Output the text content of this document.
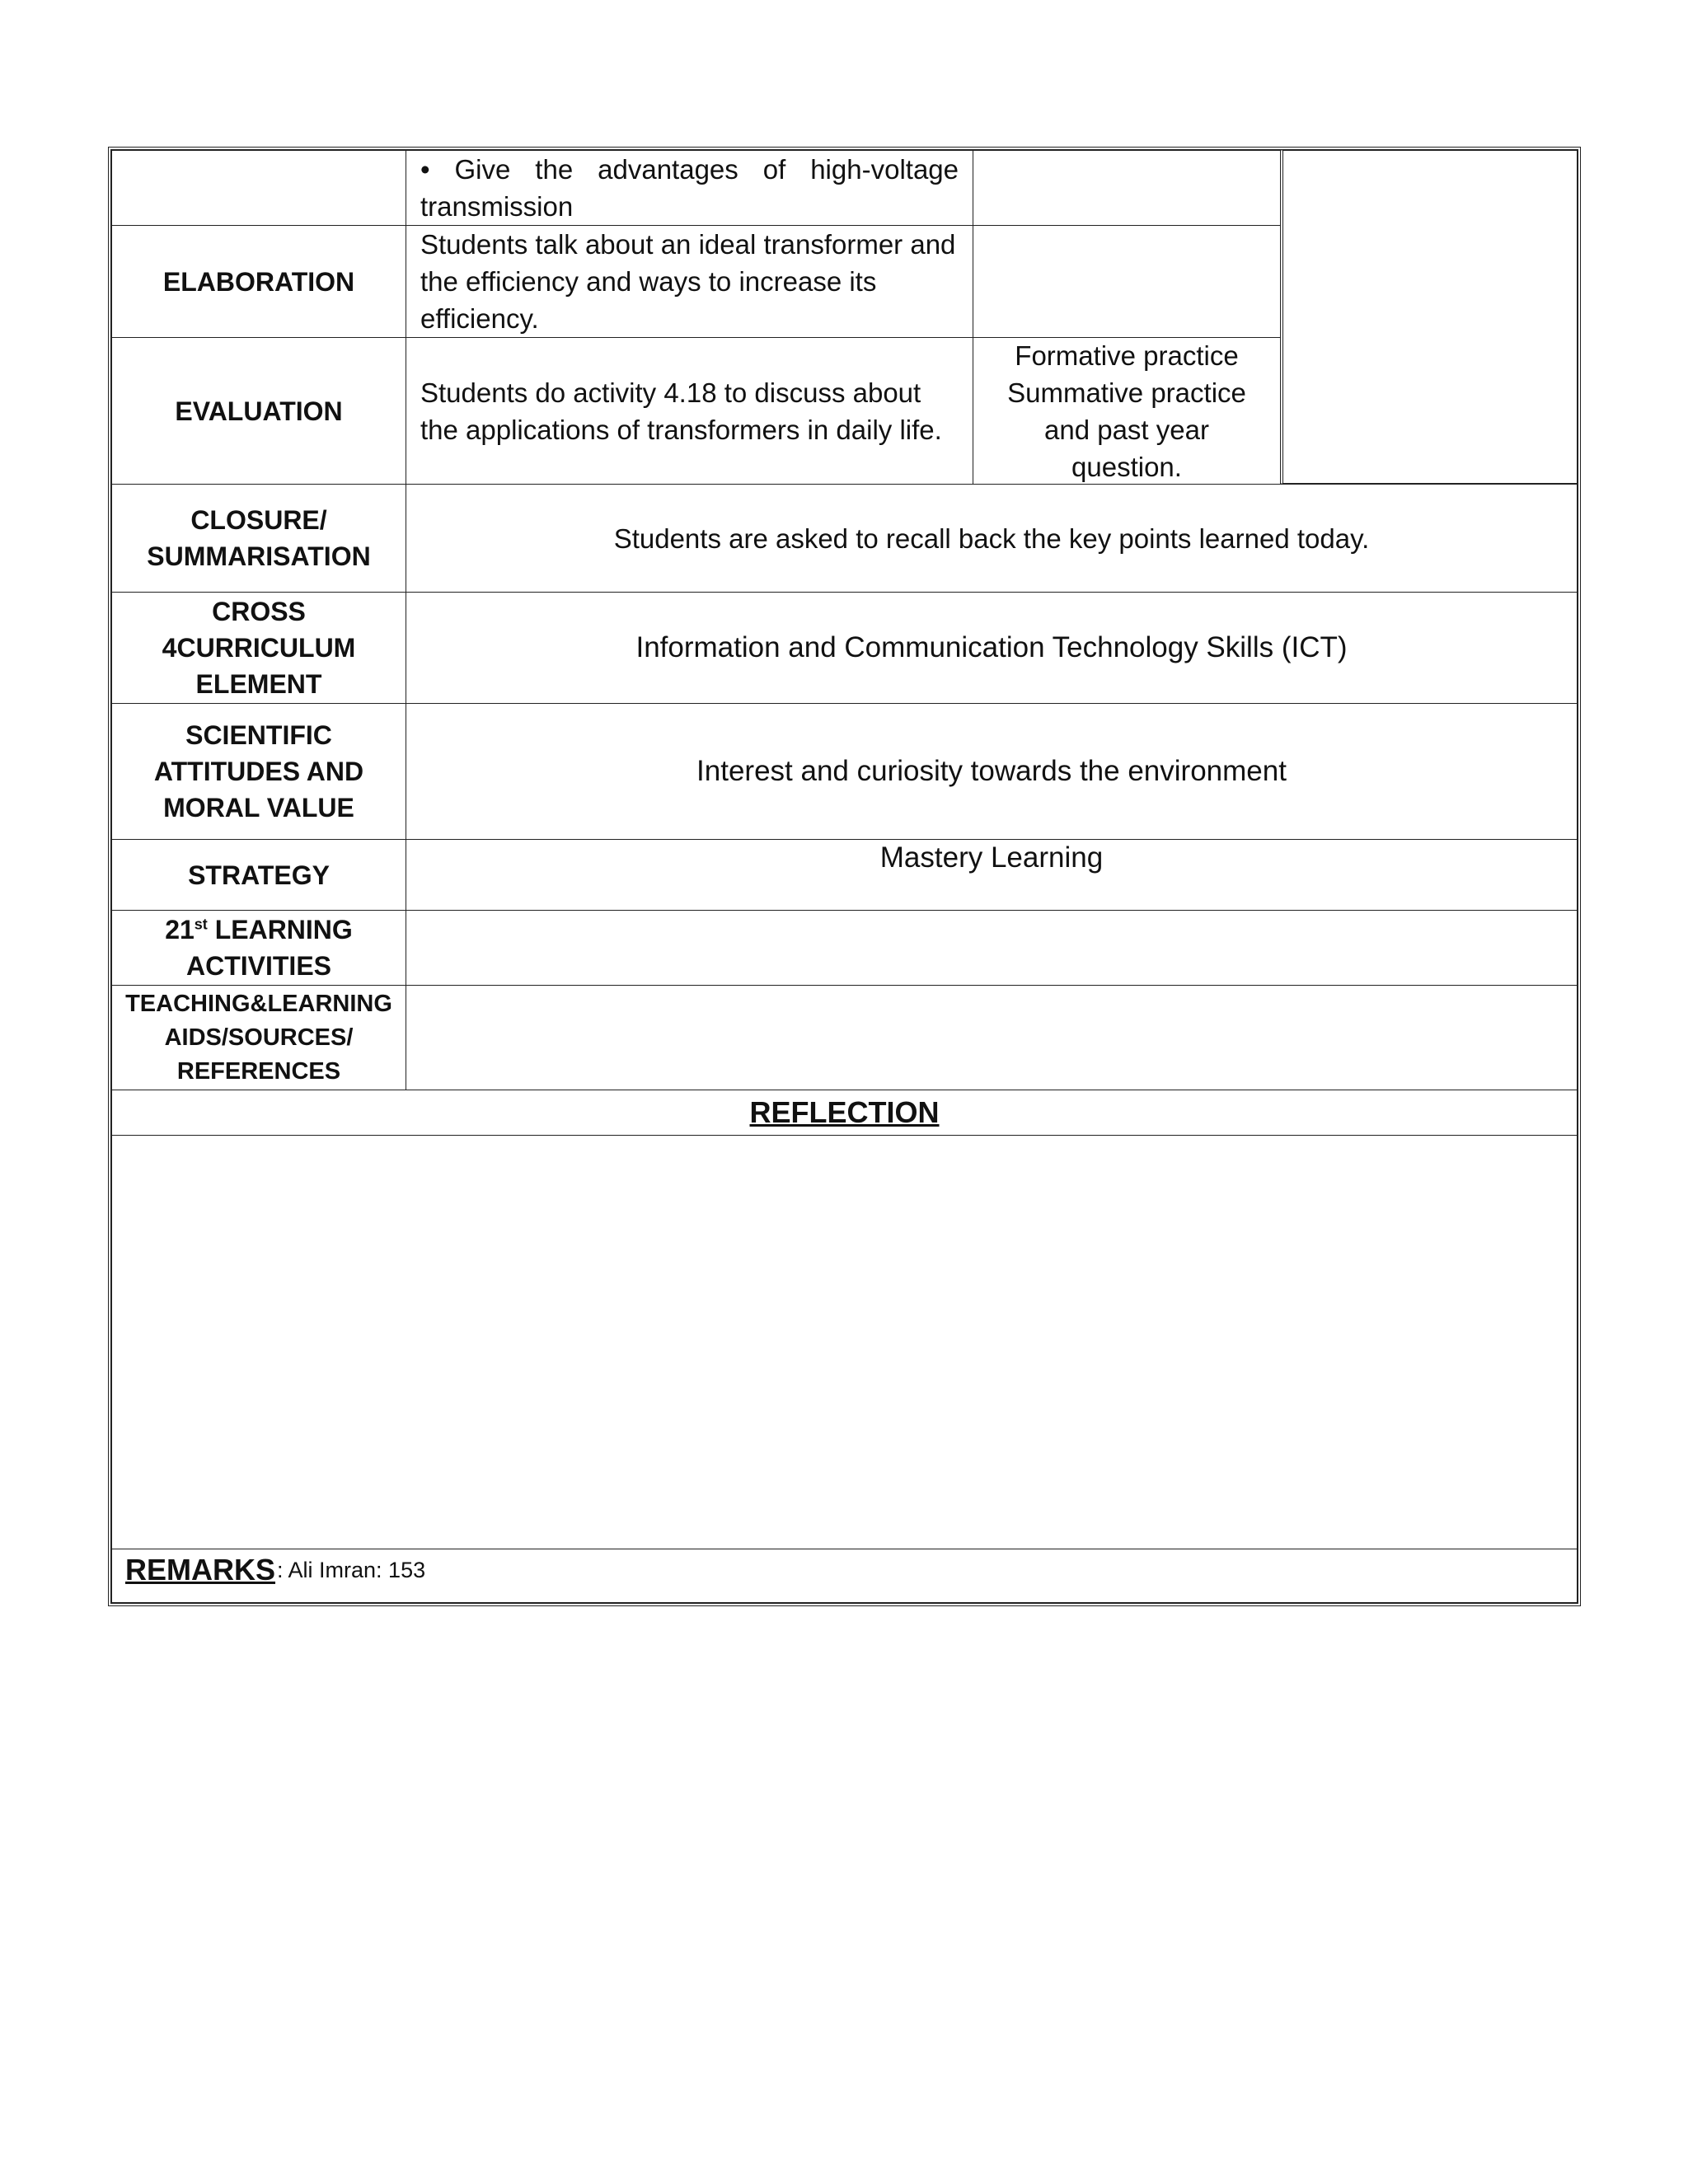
• Give the advantages of high-voltage transmission
ELABORATION
Students talk about an ideal transformer and the efficiency and ways to increase its efficiency.
EVALUATION
Students do activity 4.18 to discuss about the applications of transformers in daily life.
Formative practice
Summative practice
and past year
question.
CLOSURE/
SUMMARISATION
Students are asked to recall back the key points learned today.
CROSS
4CURRICULUM
ELEMENT
Information and Communication Technology Skills (ICT)
SCIENTIFIC
ATTITUDES AND
MORAL VALUE
Interest and curiosity towards the environment
STRATEGY
Mastery Learning
21st LEARNING
ACTIVITIES
TEACHING&LEARNING
AIDS/SOURCES/
REFERENCES
REFLECTION
REMARKS : Ali Imran: 153
